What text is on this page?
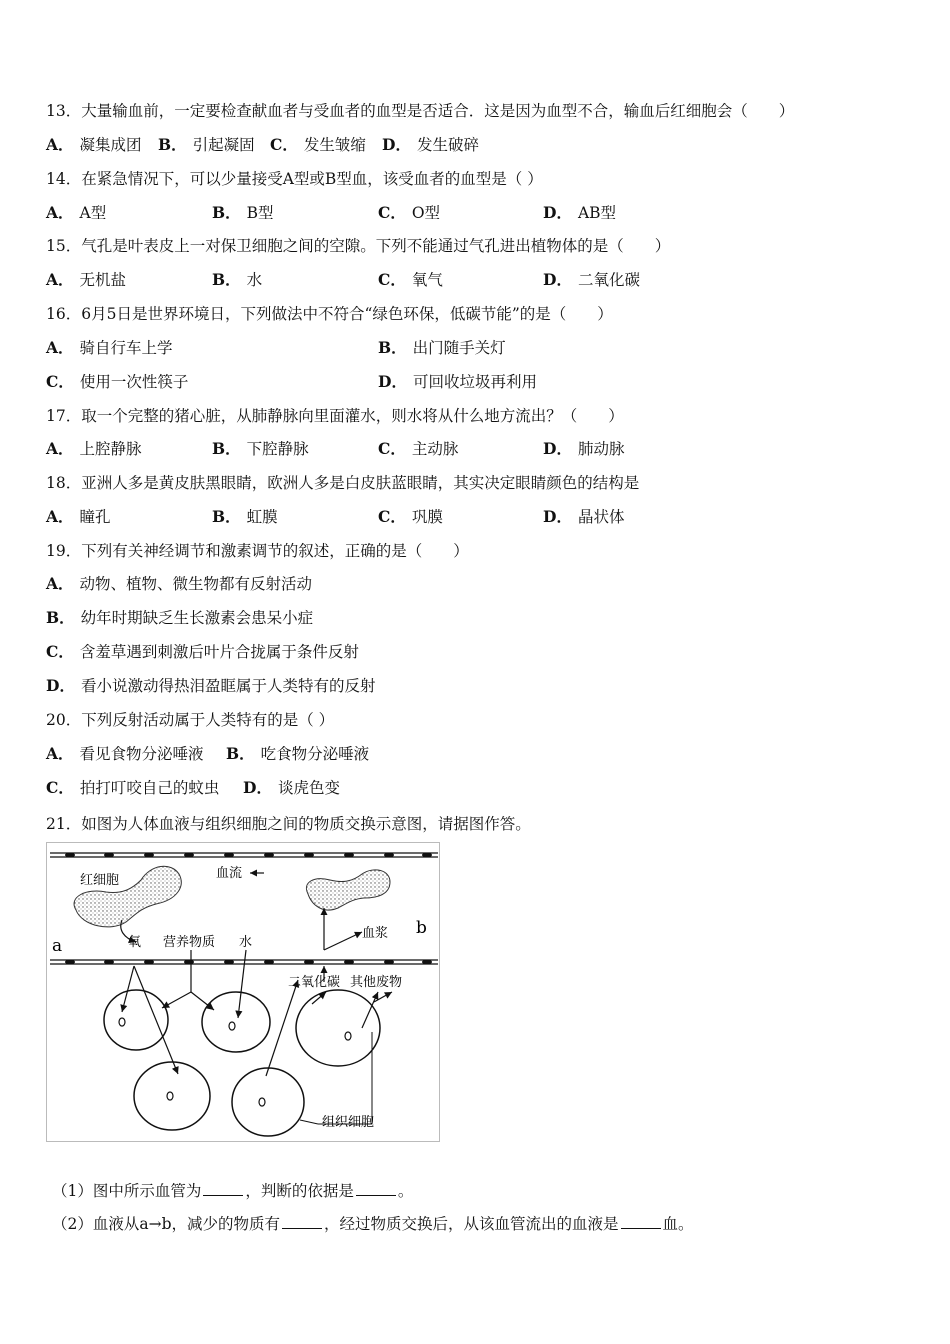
13．大量输血前，一定要检查献血者与受血者的血型是否适合．这是因为血型不合，输血后红细胞会（　　）
A． 凝集成团 B． 引起凝固 C． 发生皱缩 D． 发生破碎
14．在紧急情况下，可以少量接受A型或B型血，该受血者的血型是（ ）
A． A型	B． B型	C． O型	D． AB型
15．气孔是叶表皮上一对保卫细胞之间的空隙。下列不能通过气孔进出植物体的是（　　）
A． 无机盐	B． 水	C． 氧气	D． 二氧化碳
16．6月5日是世界环境日，下列做法中不符合“绿色环保，低碳节能”的是（　　）
A． 骑自行车上学	B． 出门随手关灯
C． 使用一次性筷子	D． 可回收垃圾再利用
17．取一个完整的猪心脏，从肺静脉向里面灌水，则水将从什么地方流出？（　　）
A． 上腔静脉	B． 下腔静脉	C． 主动脉	D． 肺动脉
18．亚洲人多是黄皮肤黑眼睛，欧洲人多是白皮肤蓝眼睛，其实决定眼睛颜色的结构是
A． 瞳孔	B． 虹膜	C． 巩膜	D． 晶状体
19．下列有关神经调节和激素调节的叙述，正确的是（　　）
A． 动物、植物、微生物都有反射活动
B． 幼年时期缺乏生长激素会患呆小症
C． 含羞草遇到刺激后叶片合拢属于条件反射
D． 看小说激动得热泪盈眶属于人类特有的反射
20．下列反射活动属于人类特有的是（ ）
A． 看见食物分泌唾液 B． 吃食物分泌唾液
C． 拍打叮咬自己的蚊虫 D． 谈虎色变
21．如图为人体血液与组织细胞之间的物质交换示意图，请据图作答。
红细胞	血流
a
b
氧 营养物质 水
血浆
二氧化碳 其他废物
组织细胞
（1）图中所示血管为	，判断的依据是	。
（2）血液从a→b，减少的物质有	，经过物质交换后，从该血管流出的血液是	血。
